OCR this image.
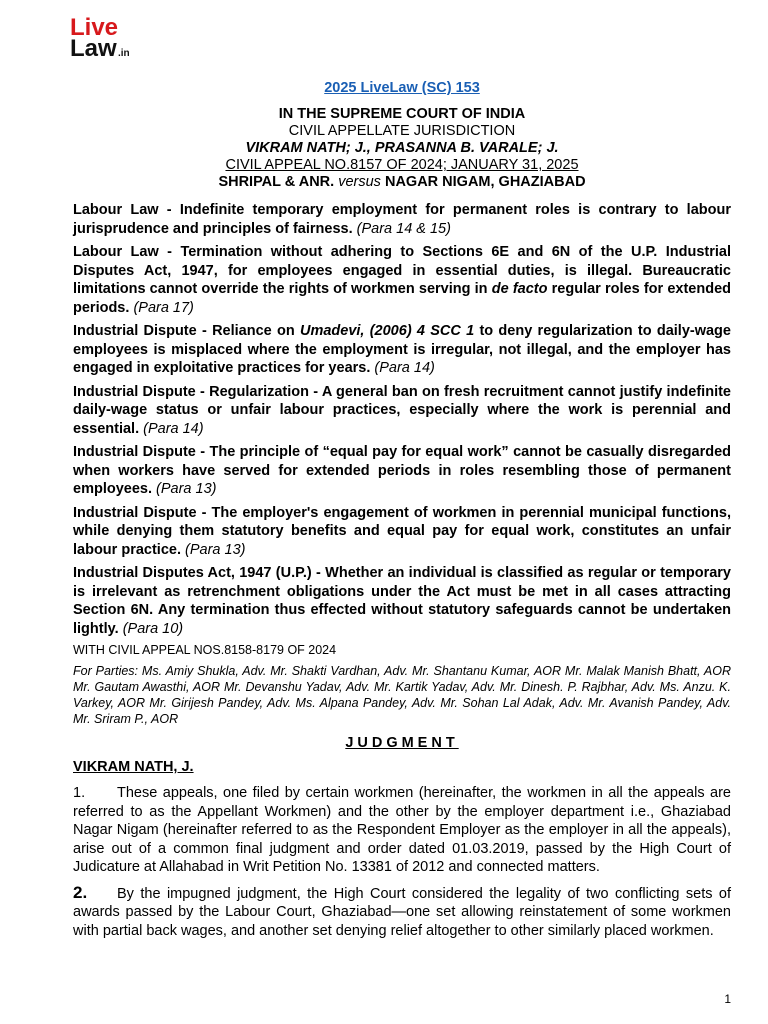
Live
Law .in

2025 LiveLaw (SC) 153

IN THE SUPREME COURT OF INDIA

CIVIL APPELLATE JURISDICTION

VIKRAM NATH; J., PRASANNA B. VARALE; J.

CIVIL APPEAL NO.8157 OF 2024; JANUARY 31, 2025

SHRIPAL & ANR. versus NAGAR NIGAM, GHAZIABAD

Labour Law - Indefinite temporary employment for permanent roles is contrary to labour jurisprudence and principles of fairness. (Para 14 & 15)

Labour Law - Termination without adhering to Sections 6E and 6N of the U.P. Industrial Disputes Act, 1947, for employees engaged in essential duties, is illegal. Bureaucratic limitations cannot override the rights of workmen serving in de facto regular roles for extended periods. (Para 17)

Industrial Dispute - Reliance on Umadevi, (2006) 4 SCC 1 to deny regularization to daily-wage employees is misplaced where the employment is irregular, not illegal, and the employer has engaged in exploitative practices for years. (Para 14)

Industrial Dispute - Regularization - A general ban on fresh recruitment cannot justify indefinite daily-wage status or unfair labour practices, especially where the work is perennial and essential. (Para 14)

Industrial Dispute - The principle of “equal pay for equal work” cannot be casually disregarded when workers have served for extended periods in roles resembling those of permanent employees. (Para 13)

Industrial Dispute - The employer's engagement of workmen in perennial municipal functions, while denying them statutory benefits and equal pay for equal work, constitutes an unfair labour practice. (Para 13)

Industrial Disputes Act, 1947 (U.P.) - Whether an individual is classified as regular or temporary is irrelevant as retrenchment obligations under the Act must be met in all cases attracting Section 6N. Any termination thus effected without statutory safeguards cannot be undertaken lightly. (Para 10)

WITH CIVIL APPEAL NOS.8158-8179 OF 2024

For Parties: Ms. Amiy Shukla, Adv. Mr. Shakti Vardhan, Adv. Mr. Shantanu Kumar, AOR Mr. Malak Manish Bhatt, AOR Mr. Gautam Awasthi, AOR Mr. Devanshu Yadav, Adv. Mr. Kartik Yadav, Adv. Mr. Dinesh. P. Rajbhar, Adv. Ms. Anzu. K. Varkey, AOR Mr. Girijesh Pandey, Adv. Ms. Alpana Pandey, Adv. Mr. Sohan Lal Adak, Adv. Mr. Avanish Pandey, Adv. Mr. Sriram P., AOR

JUDGMENT

VIKRAM NATH, J.

1. These appeals, one filed by certain workmen (hereinafter, the workmen in all the appeals are referred to as the Appellant Workmen) and the other by the employer department i.e., Ghaziabad Nagar Nigam (hereinafter referred to as the Respondent Employer as the employer in all the appeals), arise out of a common final judgment and order dated 01.03.2019, passed by the High Court of Judicature at Allahabad in Writ Petition No. 13381 of 2012 and connected matters.

2. By the impugned judgment, the High Court considered the legality of two conflicting sets of awards passed by the Labour Court, Ghaziabad—one set allowing reinstatement of some workmen with partial back wages, and another set denying relief altogether to other similarly placed workmen.

1
